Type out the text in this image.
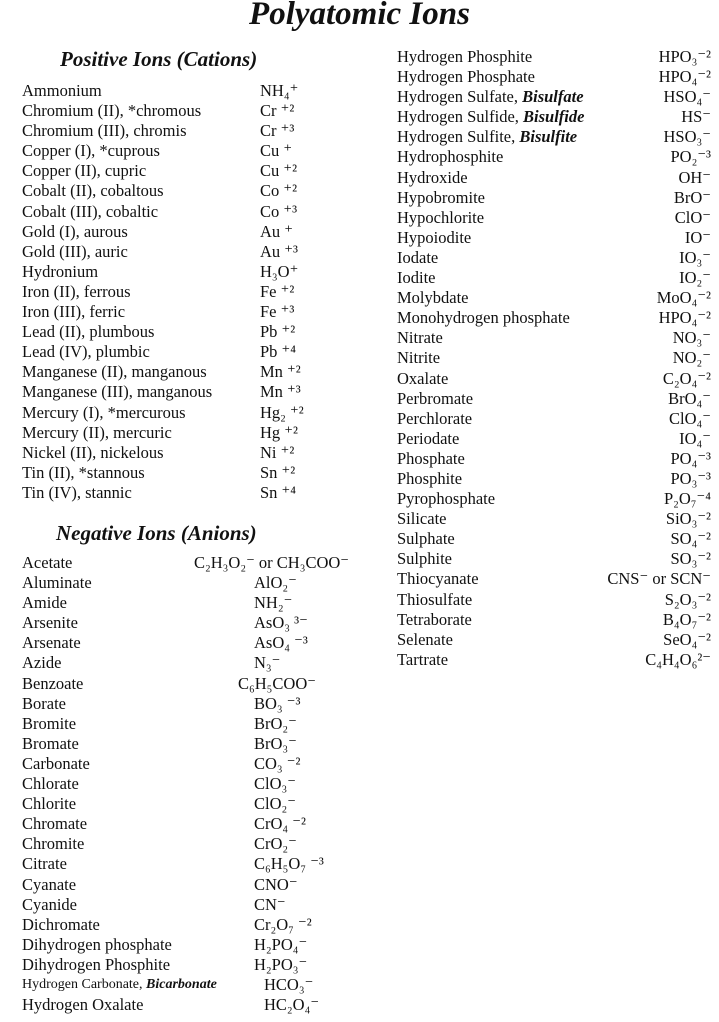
Polyatomic Ions
Positive Ions (Cations)
Ammonium	NH₄⁺
Chromium (II), *chromous	Cr ⁺²
Chromium (III), chromis	Cr ⁺³
Copper (I), *cuprous	Cu ⁺
Copper (II), cupric	Cu ⁺²
Cobalt (II), cobaltous	Co ⁺²
Cobalt (III), cobaltic	Co ⁺³
Gold (I), aurous	Au ⁺
Gold (III), auric	Au ⁺³
Hydronium	H₃O⁺
Iron (II), ferrous	Fe ⁺²
Iron (III), ferric	Fe ⁺³
Lead (II), plumbous	Pb ⁺²
Lead (IV), plumbic	Pb ⁺⁴
Manganese (II), manganous	Mn ⁺²
Manganese (III), manganous	Mn ⁺³
Mercury (I), *mercurous	Hg₂ ⁺²
Mercury (II), mercuric	Hg ⁺²
Nickel (II), nickelous	Ni ⁺²
Tin (II), *stannous	Sn ⁺²
Tin (IV), stannic	Sn ⁺⁴
Negative Ions (Anions)
Acetate	C₂H₃O₂⁻ or CH₃COO⁻
Aluminate	AlO₂⁻
Amide	NH₂⁻
Arsenite	AsO₃ ³⁻
Arsenate	AsO₄ ⁻³
Azide	N₃⁻
Benzoate	C₆H₅COO⁻
Borate	BO₃ ⁻³
Bromite	BrO₂⁻
Bromate	BrO₃⁻
Carbonate	CO₃ ⁻²
Chlorate	ClO₃⁻
Chlorite	ClO₂⁻
Chromate	CrO₄ ⁻²
Chromite	CrO₂⁻
Citrate	C₆H₅O₇ ⁻³
Cyanate	CNO⁻
Cyanide	CN⁻
Dichromate	Cr₂O₇ ⁻²
Dihydrogen phosphate	H₂PO₄⁻
Dihydrogen Phosphite	H₂PO₃⁻
Hydrogen Carbonate, Bicarbonate	HCO₃⁻
Hydrogen Oxalate	HC₂O₄⁻
Hydrogen Phosphite	HPO₃⁻²
Hydrogen Phosphate	HPO₄⁻²
Hydrogen Sulfate, Bisulfate	HSO₄⁻
Hydrogen Sulfide, Bisulfide	HS⁻
Hydrogen Sulfite, Bisulfite	HSO₃⁻
Hydrophosphite	PO₂⁻³
Hydroxide	OH⁻
Hypobromite	BrO⁻
Hypochlorite	ClO⁻
Hypoiodite	IO⁻
Iodate	IO₃⁻
Iodite	IO₂⁻
Molybdate	MoO₄⁻²
Monohydrogen phosphate	HPO₄⁻²
Nitrate	NO₃⁻
Nitrite	NO₂⁻
Oxalate	C₂O₄⁻²
Perbromate	BrO₄⁻
Perchlorate	ClO₄⁻
Periodate	IO₄⁻
Phosphate	PO₄⁻³
Phosphite	PO₃⁻³
Pyrophosphate	P₂O₇⁻⁴
Silicate	SiO₃⁻²
Sulphate	SO₄⁻²
Sulphite	SO₃⁻²
Thiocyanate	CNS⁻ or SCN⁻
Thiosulfate	S₂O₃⁻²
Tetraborate	B₄O₇⁻²
Selenate	SeO₄⁻²
Tartrate	C₄H₄O₆²⁻
